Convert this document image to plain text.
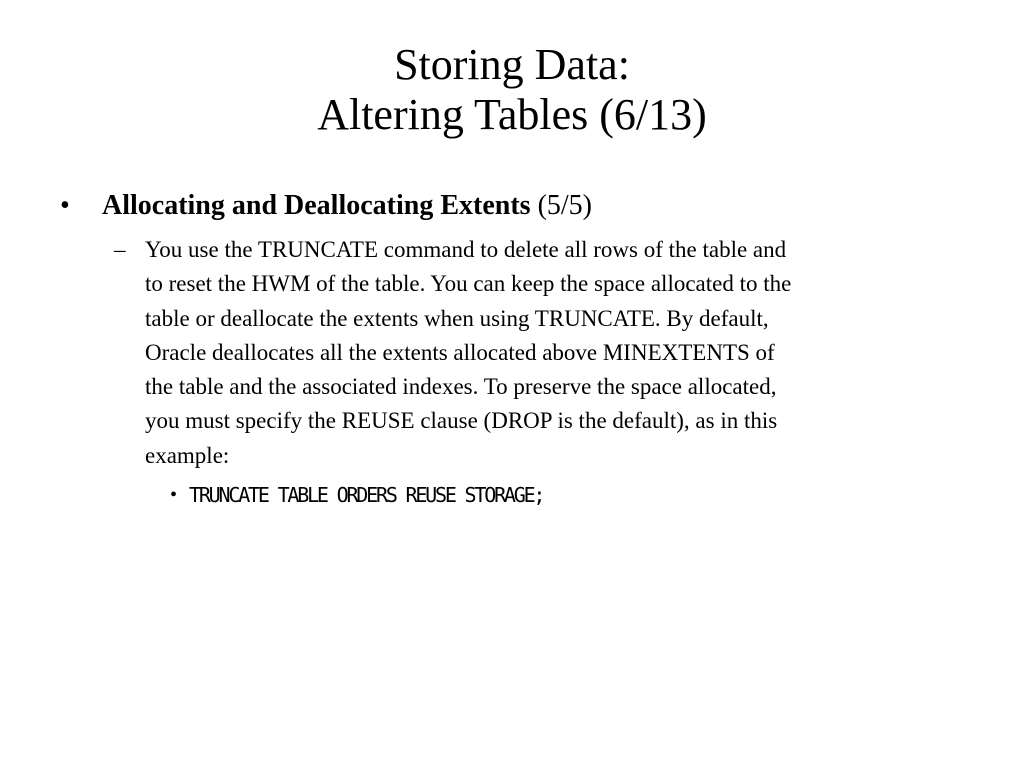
Storing Data:
Altering Tables (6/13)
• Allocating and Deallocating Extents (5/5)
– You use the TRUNCATE command to delete all rows of the table and
to reset the HWM of the table. You can keep the space allocated to the
table or deallocate the extents when using TRUNCATE. By default,
Oracle deallocates all the extents allocated above MINEXTENTS of
the table and the associated indexes. To preserve the space allocated,
you must specify the REUSE clause (DROP is the default), as in this
example:
• TRUNCATE TABLE ORDERS REUSE STORAGE;
